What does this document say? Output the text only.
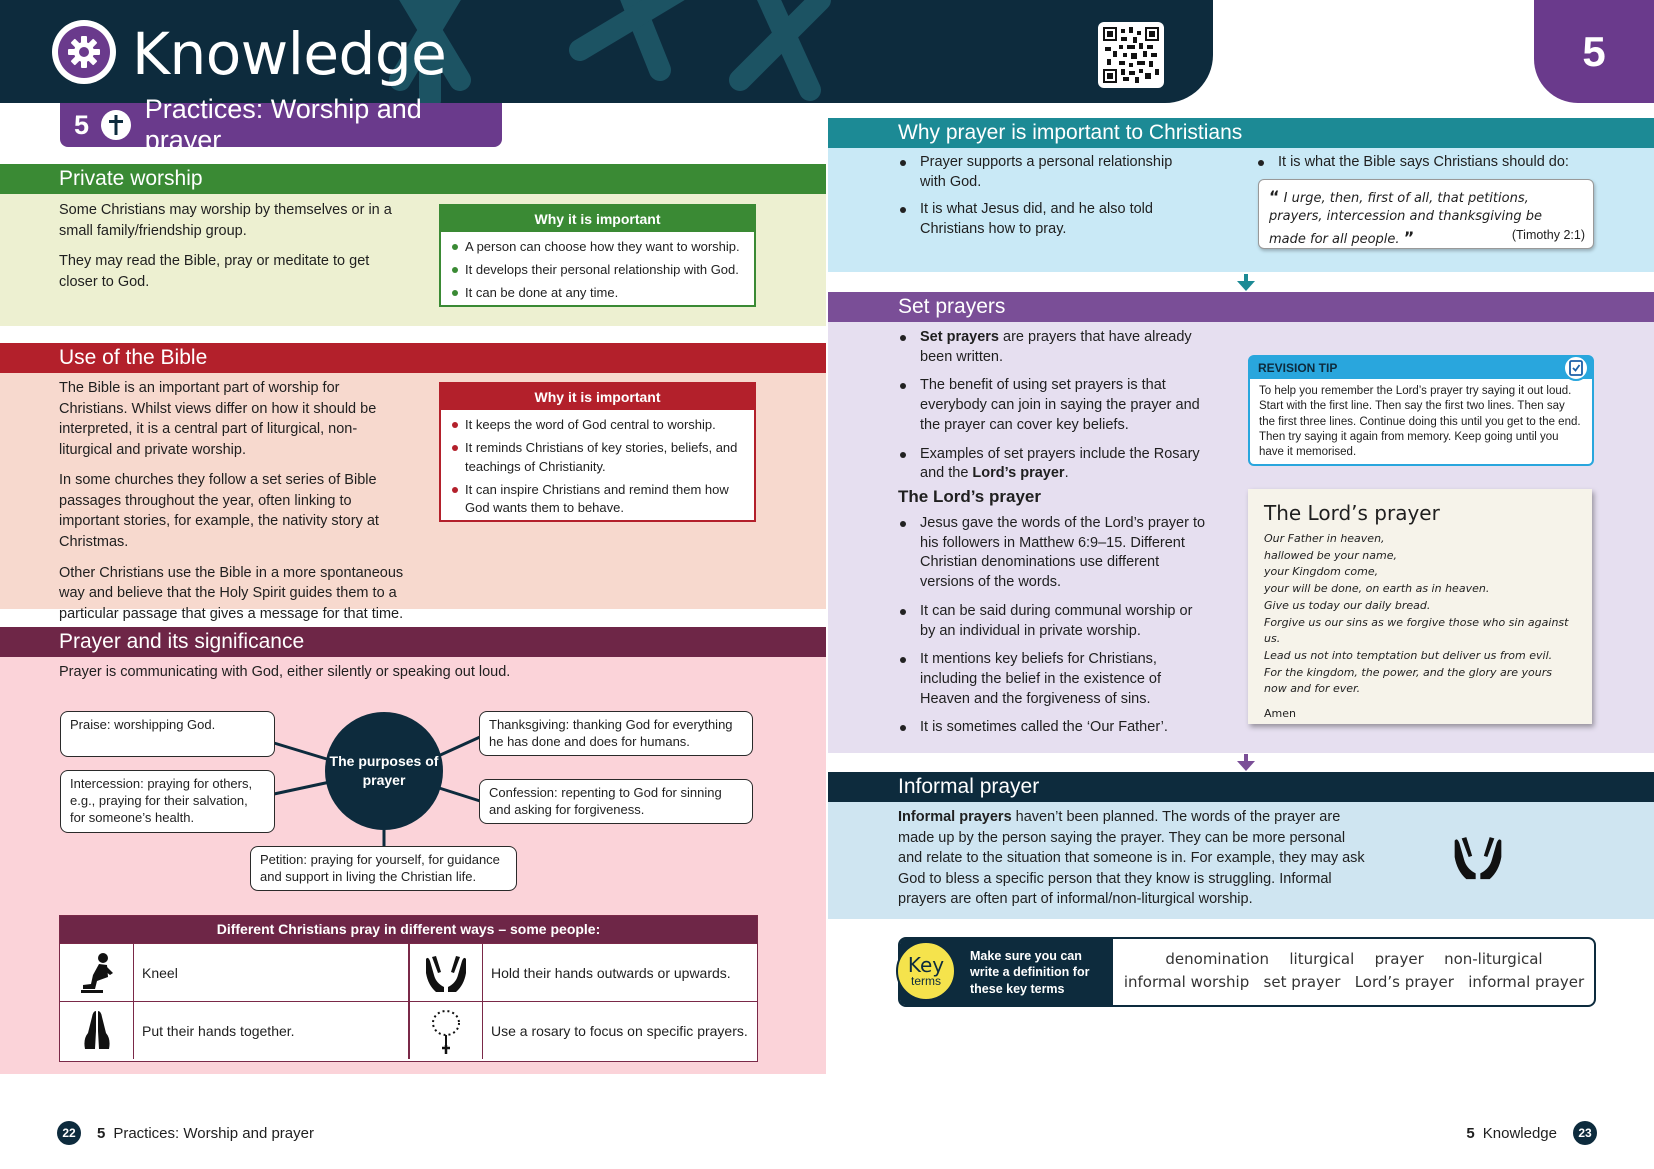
Knowledge	5
5
Practices: Worship and prayer
Private worship

Some Christians may worship by themselves or in a small family/friendship group.

They may read the Bible, pray or meditate to get closer to God.

Why it is important
A person can choose how they want to worship.
It develops their personal relationship with God.
It can be done at any time.
Use of the Bible

The Bible is an important part of worship for Christians. Whilst views differ on how it should be interpreted, it is a central part of liturgical, non-liturgical and private worship.

In some churches they follow a set series of Bible passages throughout the year, often linking to important stories, for example, the nativity story at Christmas.

Other Christians use the Bible in a more spontaneous way and believe that the Holy Spirit guides them to a particular passage that gives a message for that time.

Why it is important
It keeps the word of God central to worship.
It reminds Christians of key stories, beliefs, and teachings of Christianity.
It can inspire Christians and remind them how God wants them to behave.
Prayer and its significance

Prayer is communicating with God, either silently or speaking out loud.

The purposes of prayer
Praise: worshipping God.
Intercession: praying for others, e.g., praying for their salvation, for someone’s health.
Thanksgiving: thanking God for everything he has done and does for humans.
Confession: repenting to God for sinning and asking for forgiveness.
Petition: praying for yourself, for guidance and support in living the Christian life.
Different Christians pray in different ways – some people:
Kneel	Hold their hands outwards or upwards.
Put their hands together.	Use a rosary to focus on specific prayers.
Why prayer is important to Christians
Prayer supports a personal relationship with God.
It is what Jesus did, and he also told Christians how to pray.
It is what the Bible says Christians should do:
“ I urge, then, first of all, that petitions, prayers, intercession and thanksgiving be made for all people. ”	(Timothy 2:1)
Set prayers
Set prayers are prayers that have already been written.
The benefit of using set prayers is that everybody can join in saying the prayer and the prayer can cover key beliefs.
Examples of set prayers include the Rosary and the Lord’s prayer.
The Lord’s prayer
Jesus gave the words of the Lord’s prayer to his followers in Matthew 6:9–15. Different Christian denominations use different versions of the words.
It can be said during communal worship or by an individual in private worship.
It mentions key beliefs for Christians, including the belief in the existence of Heaven and the forgiveness of sins.
It is sometimes called the ‘Our Father’.
REVISION TIP

To help you remember the Lord’s prayer try saying it out loud. Start with the first line. Then say the first two lines. Then say the first three lines. Continue doing this until you get to the end. Then try saying it again from memory. Keep going until you have it memorised.

The Lord’s prayer
Our Father in heaven,
hallowed be your name,
your Kingdom come,
your will be done, on earth as in heaven.
Give us today our daily bread.
Forgive us our sins as we forgive those who sin against us.
Lead us not into temptation but deliver us from evil.
For the kingdom, the power, and the glory are yours now and for ever.
Amen
Informal prayer

Informal prayers haven’t been planned. The words of the prayer are made up by the person saying the prayer. They can be more personal and relate to the situation that someone is in. For example, they may ask God to bless a specific person that they know is struggling. Informal prayers are often part of informal/non-liturgical worship.

Key
terms
Make sure you can write a definition for these key terms
denomination liturgical prayer non-liturgical
informal worship set prayer Lord’s prayer informal prayer
22	5 Practices: Worship and prayer	5 Knowledge	23
